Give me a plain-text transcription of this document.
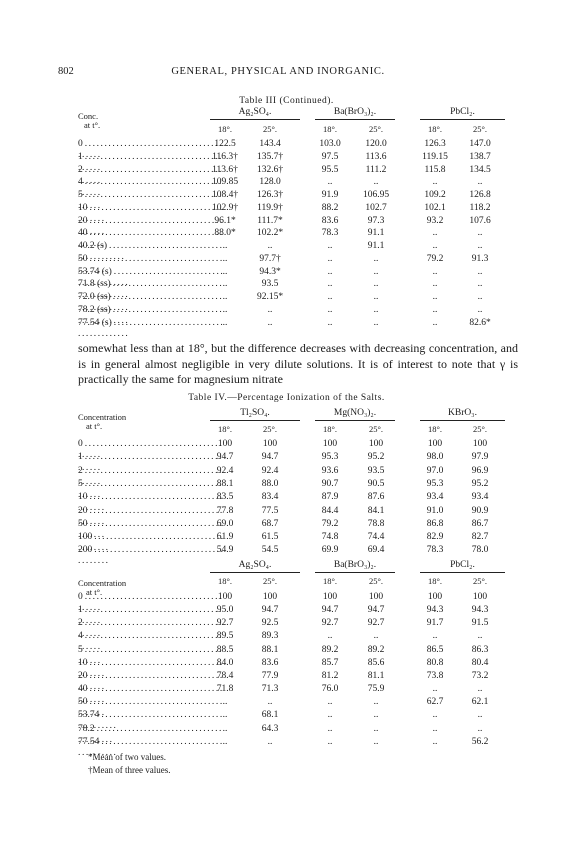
802	GENERAL, PHYSICAL AND INORGANIC.
Table III (Continued).
Conc.
at t°.
Ag₂SO₄.	Ba(BrO₃)₂.	PbCl₂.
18°.	25°.	18°.	25°.	18°.	25°.
0 . . .	122.5	143.4	103.0	120.0	126.3	147.0
1 . . .	116.3†	135.7†	97.5	113.6	119.15	138.7
2 . . .	113.6†	132.6†	95.5	111.2	115.8	134.5
4 . . .	109.85	128.0	..	..	..	..
5 . . .	108.4†	126.3†	91.9	106.95	109.2	126.8
10 . . .	102.9†	119.9†	88.2	102.7	102.1	118.2
20 . . .	96.1*	111.7*	83.6	97.3	93.2	107.6
40 . . .	88.0*	102.2*	78.3	91.1	..	..
40.2 (s) . . .	..	..	..	91.1	..	..
50 . . .	..	97.7†	..	..	79.2	91.3
53.74 (s) . . .	..	94.3*	..	..	..	..
71.8 (ss) . . .	..	93.5	..	..	..	..
72.0 (ss) . . .	..	92.15*	..	..	..	..
78.2 (ss) . . .	..	..	..	..	..	..
77.54 (s) . . .	..	..	..	..	..	82.6*

somewhat less than at 18°, but the difference decreases with decreasing concentration, and is in general almost negligible in very dilute solutions. It is of interest to note that γ is practically the same for magnesium nitrate

Table IV.—Percentage Ionization of the Salts.
Concentration
at t°.
Concentration
at t°.
Tl₂SO₄.	Mg(NO₃)₂.	KBrO₃.
18°.	25°.	18°.	25°.	18°.	25°.
0 . . .	100	100	100	100	100	100
1 . . .	94.7	94.7	95.3	95.2	98.0	97.9
2 . . .	92.4	92.4	93.6	93.5	97.0	96.9
5 . . .	88.1	88.0	90.7	90.5	95.3	95.2
10 . . .	83.5	83.4	87.9	87.6	93.4	93.4
20 . . .	77.8	77.5	84.4	84.1	91.0	90.9
50 . . .	69.0	68.7	79.2	78.8	86.8	86.7
100 . . .	61.9	61.5	74.8	74.4	82.9	82.7
200 . . .	54.9	54.5	69.9	69.4	78.3	78.0
Ag₂SO₄.	Ba(BrO₃)₂.	PbCl₂.
18°.	25°.	18°.	25°.	18°.	25°.
0 . . .	100	100	100	100	100	100
1 . . .	95.0	94.7	94.7	94.7	94.3	94.3
2 . . .	92.7	92.5	92.7	92.7	91.7	91.5
4 . . .	89.5	89.3	..	..	..	..
5 . . .	88.5	88.1	89.2	89.2	86.5	86.3
10 . . .	84.0	83.6	85.7	85.6	80.8	80.4
20 . . .	78.4	77.9	81.2	81.1	73.8	73.2
40 . . .	71.8	71.3	76.0	75.9	..	..
50 . . .	..	..	..	..	62.7	62.1
53.74 . . .	..	68.1	..	..	..	..
78.2 . . .	..	64.3	..	..	..	..
77.54 . . .	..	..	..	..	..	56.2
*Mean of two values.
†Mean of three values.
